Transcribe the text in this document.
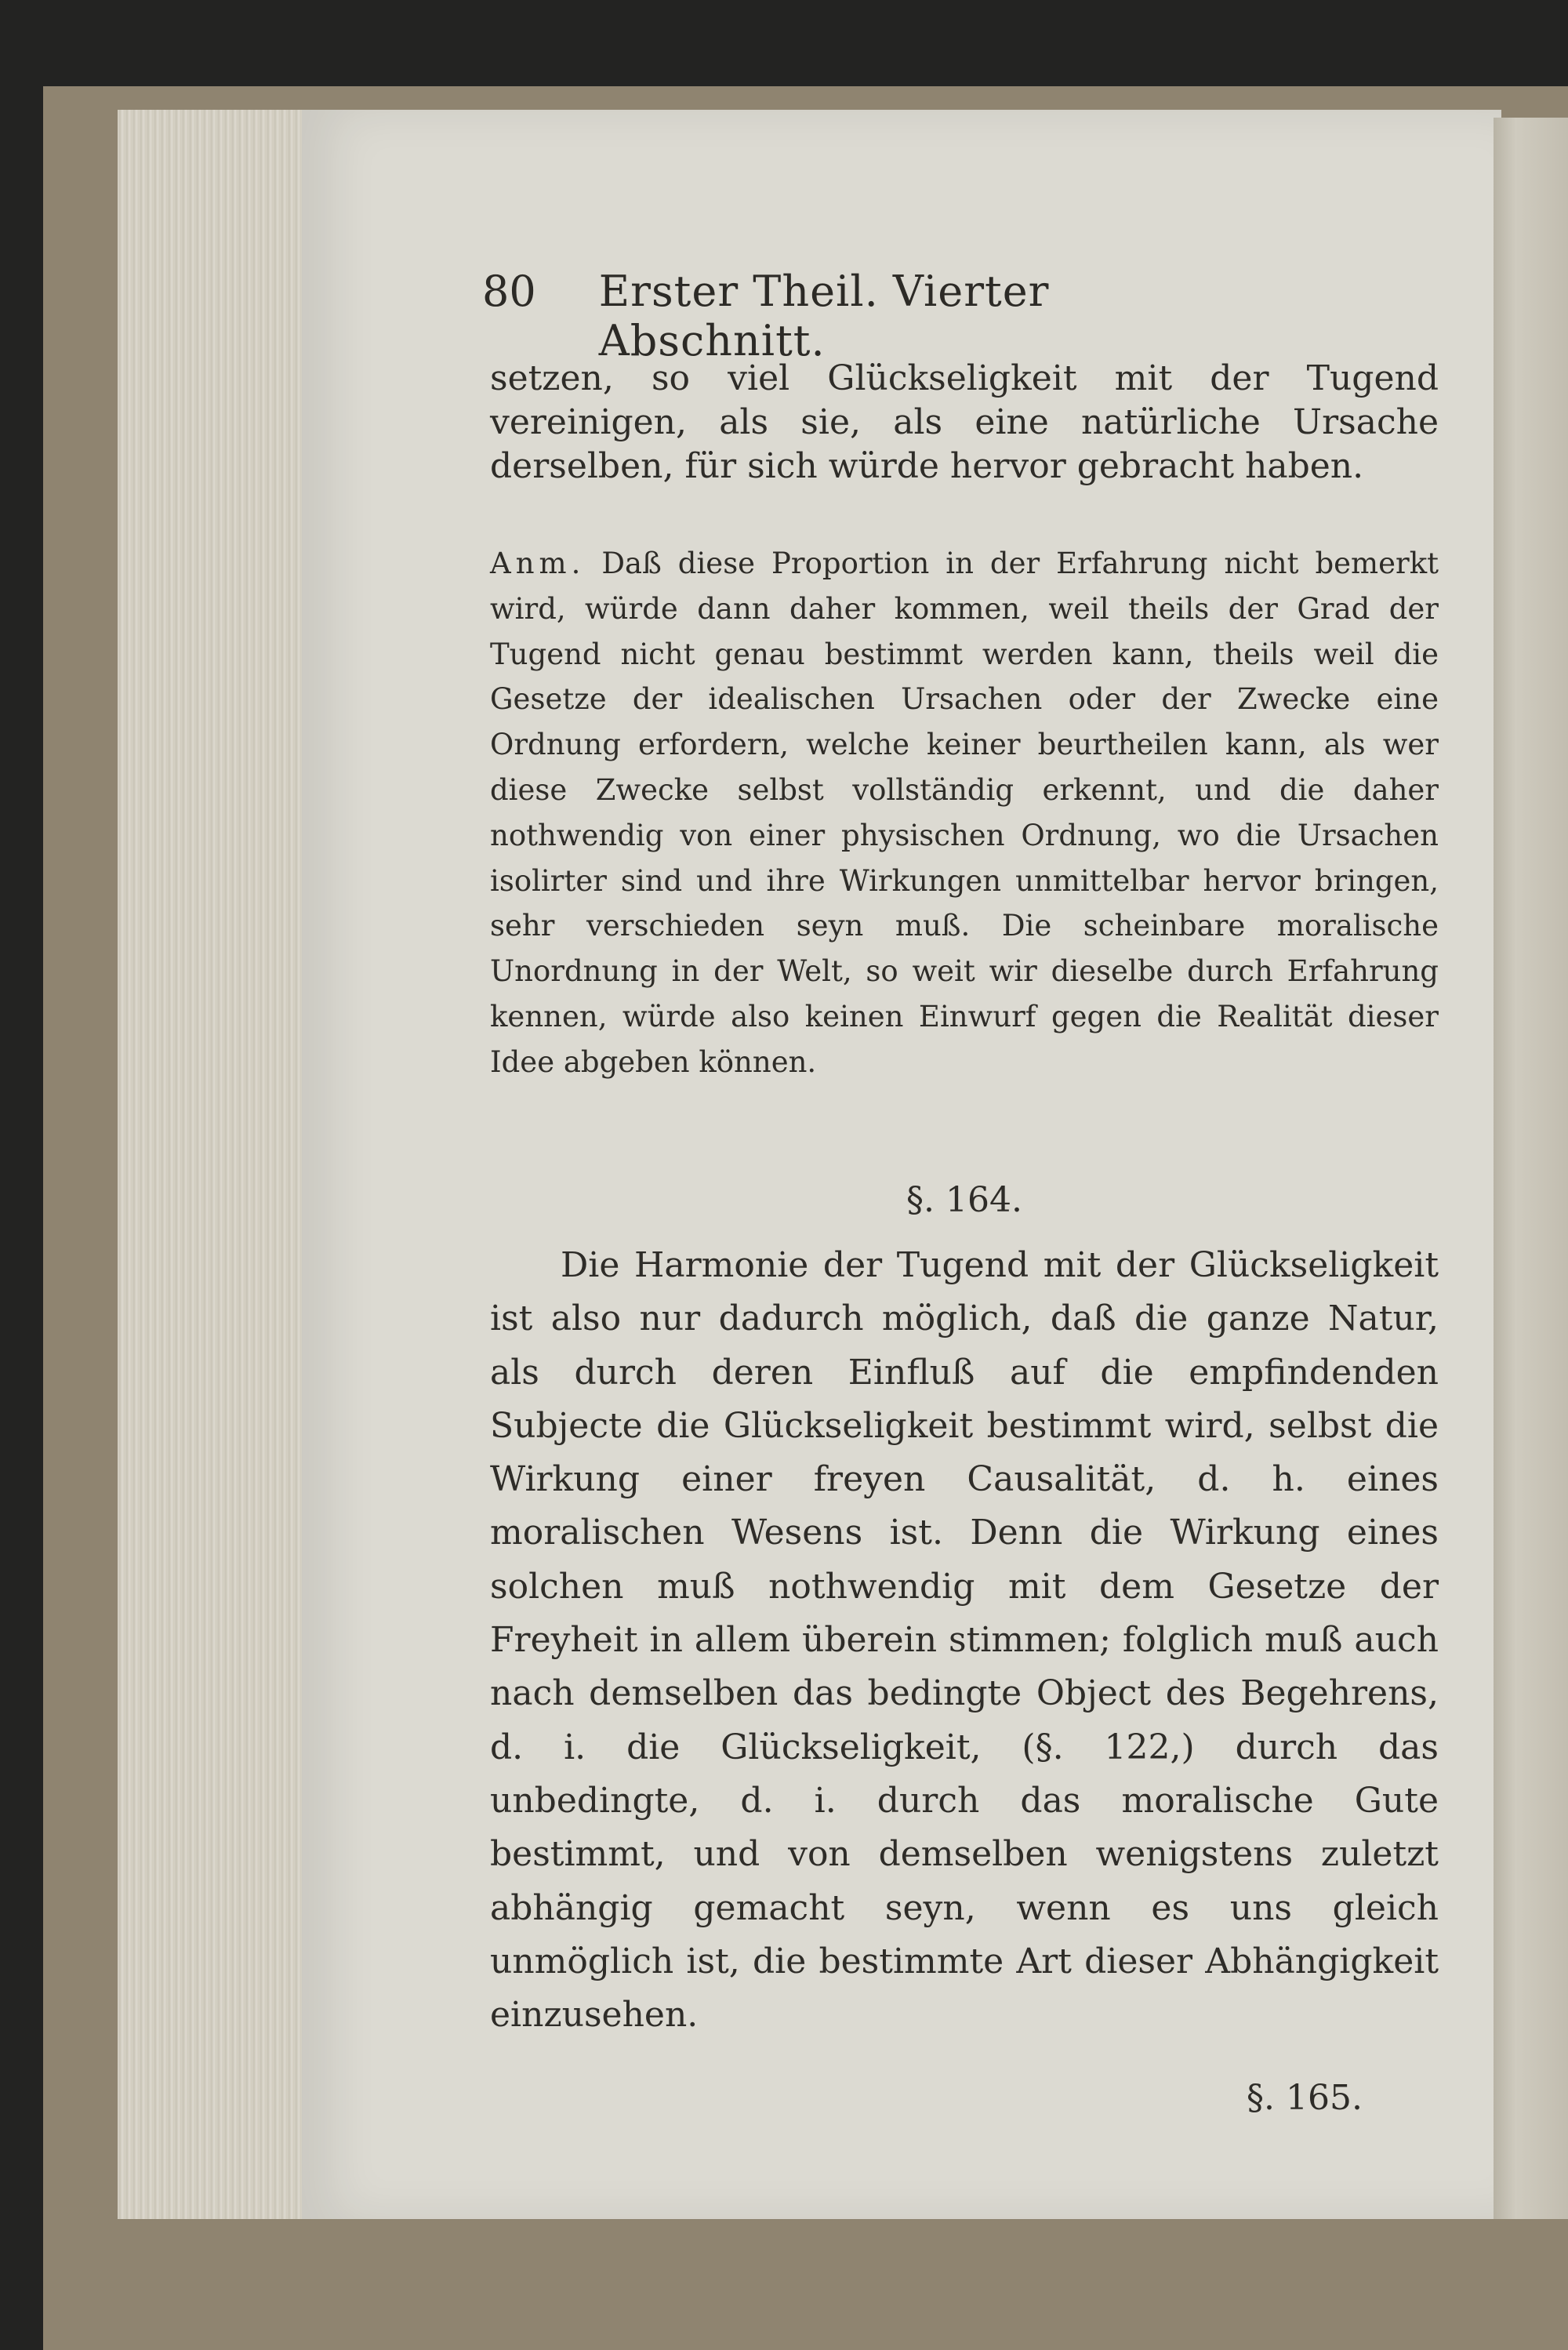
80 Erster Theil. Vierter Abschnitt.
setzen, so viel Glückseligkeit mit der Tugend vereinigen, als sie, als eine natürliche Ursache derselben, für sich würde hervor gebracht haben.
Anm. Daß diese Proportion in der Erfahrung nicht bemerkt wird, würde dann daher kommen, weil theils der Grad der Tugend nicht genau bestimmt werden kann, theils weil die Gesetze der idealischen Ursachen oder der Zwecke eine Ordnung erfordern, welche keiner beurtheilen kann, als wer diese Zwecke selbst vollständig erkennt, und die daher nothwendig von einer physischen Ordnung, wo die Ursachen isolirter sind und ihre Wirkungen unmittelbar hervor bringen, sehr verschieden seyn muß. Die scheinbare moralische Unordnung in der Welt, so weit wir dieselbe durch Erfahrung kennen, würde also keinen Einwurf gegen die Realität dieser Idee abgeben können.
§. 164.
Die Harmonie der Tugend mit der Glückseligkeit ist also nur dadurch möglich, daß die ganze Natur, als durch deren Einfluß auf die empfindenden Subjecte die Glückseligkeit bestimmt wird, selbst die Wirkung einer freyen Causalität, d. h. eines moralischen Wesens ist. Denn die Wirkung eines solchen muß nothwendig mit dem Gesetze der Freyheit in allem überein stimmen; folglich muß auch nach demselben das bedingte Object des Begehrens, d. i. die Glückseligkeit, (§. 122,) durch das unbedingte, d. i. durch das moralische Gute bestimmt, und von demselben wenigstens zuletzt abhängig gemacht seyn, wenn es uns gleich unmöglich ist, die bestimmte Art dieser Abhängigkeit einzusehen.
§. 165.
